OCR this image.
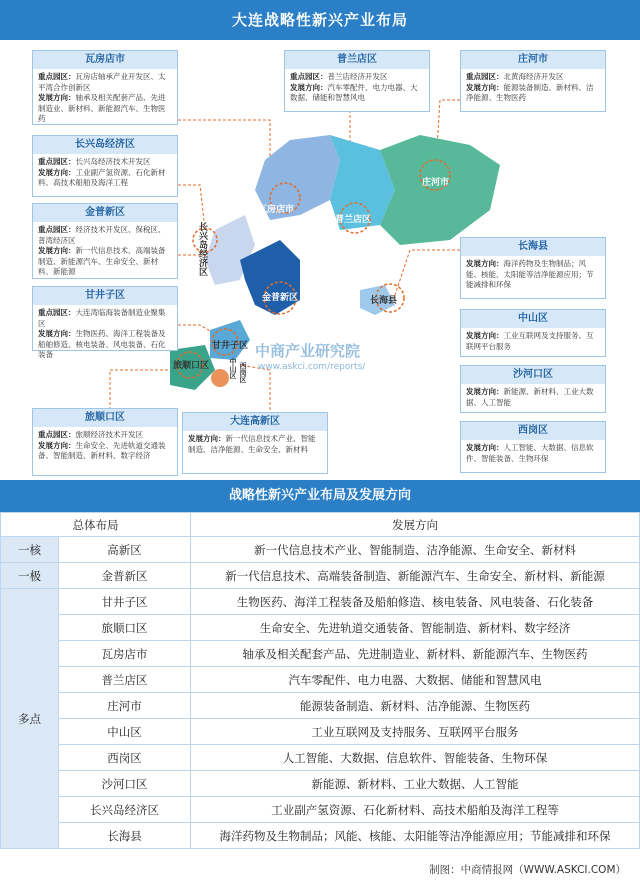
大连战略性新兴产业布局
瓦房店市
普兰店区
庄河市
长兴岛经济区
金普新区	长海县
甘井子区
旅顺口区	中山区 西岗区
中商产业研究院
www.askci.com/reports/
瓦房店市
重点园区：瓦房店轴承产业开发区、太平湾合作创新区
发展方向：轴承及相关配套产品、先进制造业、新材料、新能源汽车、生物医药
长兴岛经济区
重点园区：长兴岛经济技术开发区
发展方向：工业副产氢资源、石化新材料、高技术船舶及海洋工程
金普新区
重点园区：经济技术开发区、保税区、普湾经济区
发展方向：新一代信息技术、高端装备制造、新能源汽车、生命安全、新材料、新能源
甘井子区
重点园区：大连湾临海装备制造业聚集区
发展方向：生物医药、海洋工程装备及船舶修造、核电装备、风电装备、石化装备
旅顺口区
重点园区：旅顺经济技术开发区
发展方向：生命安全、先进轨道交通装备、智能制造、新材料、数字经济
大连高新区
发展方向：新一代信息技术产业、智能制造、洁净能源、生命安全、新材料
普兰店区
重点园区：普兰店经济开发区
发展方向：汽车零配件、电力电器、大数据、储能和智慧风电
庄河市
重点园区：北黄海经济开发区
发展方向：能源装备制造、新材料、洁净能源、生物医药
长海县
发展方向：海洋药物及生物制品；风能、核能、太阳能等洁净能源应用；节能减排和环保
中山区
发展方向：工业互联网及支持服务、互联网平台服务
沙河口区
发展方向：新能源、新材料、工业大数据、人工智能
西岗区
发展方向：人工智能、大数据、信息软件、智能装备、生物环保
战略性新兴产业布局及发展方向
总体布局		发展方向
一核	高新区	新一代信息技术产业、智能制造、洁净能源、生命安全、新材料
一极	金普新区	新一代信息技术、高端装备制造、新能源汽车、生命安全、新材料、新能源
多点	甘井子区	生物医药、海洋工程装备及船舶修造、核电装备、风电装备、石化装备
	旅顺口区	生命安全、先进轨道交通装备、智能制造、新材料、数字经济
	瓦房店市	轴承及相关配套产品、先进制造业、新材料、新能源汽车、生物医药
	普兰店区	汽车零配件、电力电器、大数据、储能和智慧风电
	庄河市	能源装备制造、新材料、洁净能源、生物医药
	中山区	工业互联网及支持服务、互联网平台服务
	西岗区	人工智能、大数据、信息软件、智能装备、生物环保
	沙河口区	新能源、新材料、工业大数据、人工智能
	长兴岛经济区	工业副产氢资源、石化新材料、高技术船舶及海洋工程等
	长海县	海洋药物及生物制品；风能、核能、太阳能等洁净能源应用；节能减排和环保
制图：中商情报网（WWW.ASKCI.COM）
